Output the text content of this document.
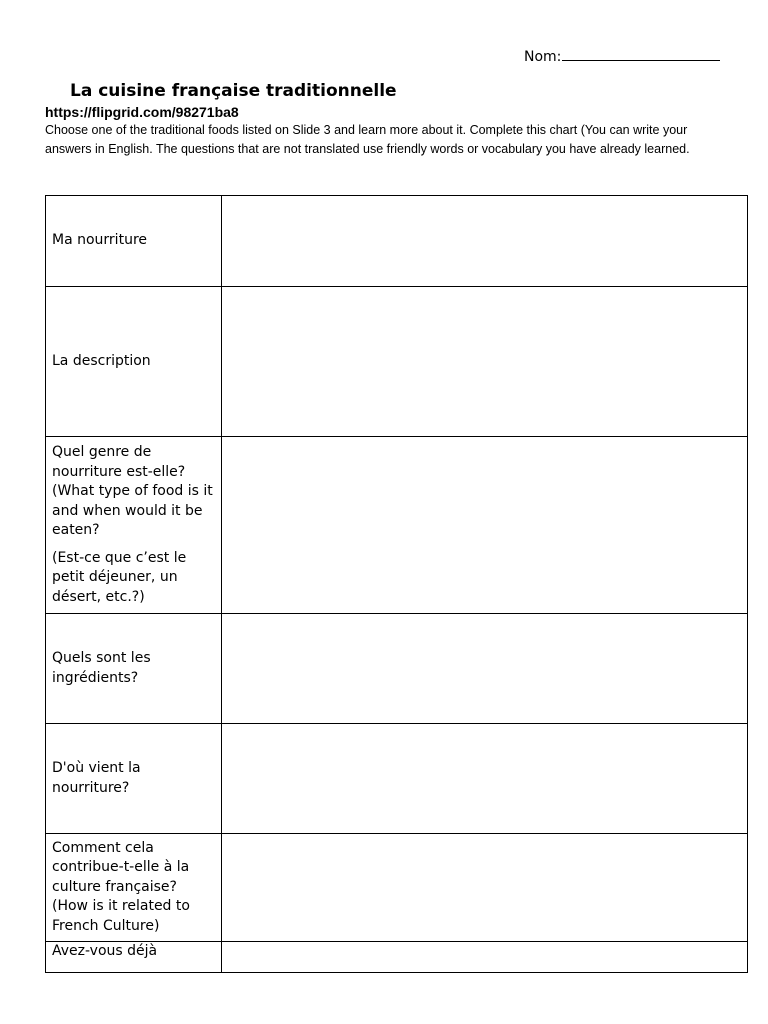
Nom:
La cuisine française traditionnelle
https://flipgrid.com/98271ba8
Choose one of the traditional foods listed on Slide 3 and learn more about it. Complete this chart (You can write your answers in English. The questions that are not translated use friendly words or vocabulary you have already learned.

Ma nourriture	

La description	

Quel genre de nourriture est-elle? (What type of food is it and when would it be eaten?

(Est-ce que c’est le petit déjeuner, un désert, etc.?)	

Quels sont les ingrédients?	

D'où vient la nourriture?	

Comment cela contribue-t-elle à la culture française? (How is it related to French Culture)	

Avez-vous déjà	
